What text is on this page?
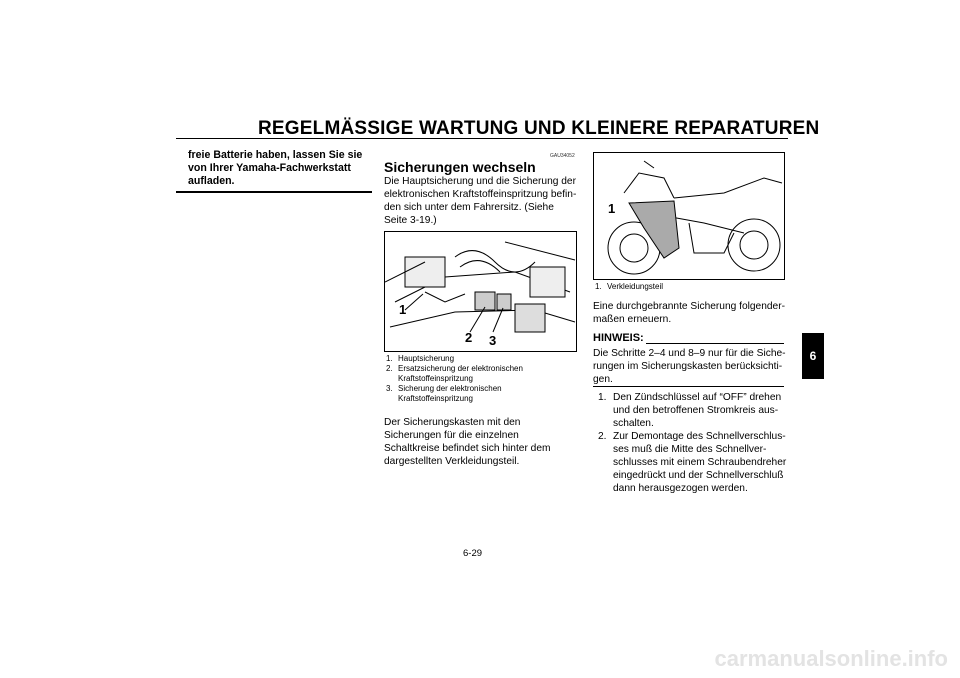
REGELMÄSSIGE WARTUNG UND KLEINERE REPARATUREN
freie Batterie haben, lassen Sie sie von Ihrer Yamaha-Fachwerkstatt aufladen.
GAU34052
Sicherungen wechseln
Die Hauptsicherung und die Sicherung der elektronischen Kraftstoffeinspritzung befin-den sich unter dem Fahrersitz. (Siehe Seite 3-19.)
1
2 3
1. Hauptsicherung
2. Ersatzsicherung der elektronischen Kraftstoffeinspritzung
3. Sicherung der elektronischen Kraftstoffeinspritzung
Der Sicherungskasten mit den Sicherungen für die einzelnen Schaltkreise befindet sich hinter dem dargestellten Verkleidungsteil.
1
1. Verkleidungsteil
Eine durchgebrannte Sicherung folgender-maßen erneuern.
HINWEIS:
Die Schritte 2–4 und 8–9 nur für die Siche-rungen im Sicherungskasten berücksichti-gen.
1. Den Zündschlüssel auf “OFF” drehen und den betroffenen Stromkreis aus-schalten.
2. Zur Demontage des Schnellverschlus-ses muß die Mitte des Schnellver-schlusses mit einem Schraubendreher eingedrückt und der Schnellverschluß dann herausgezogen werden.
6
6-29
carmanualsonline.info
